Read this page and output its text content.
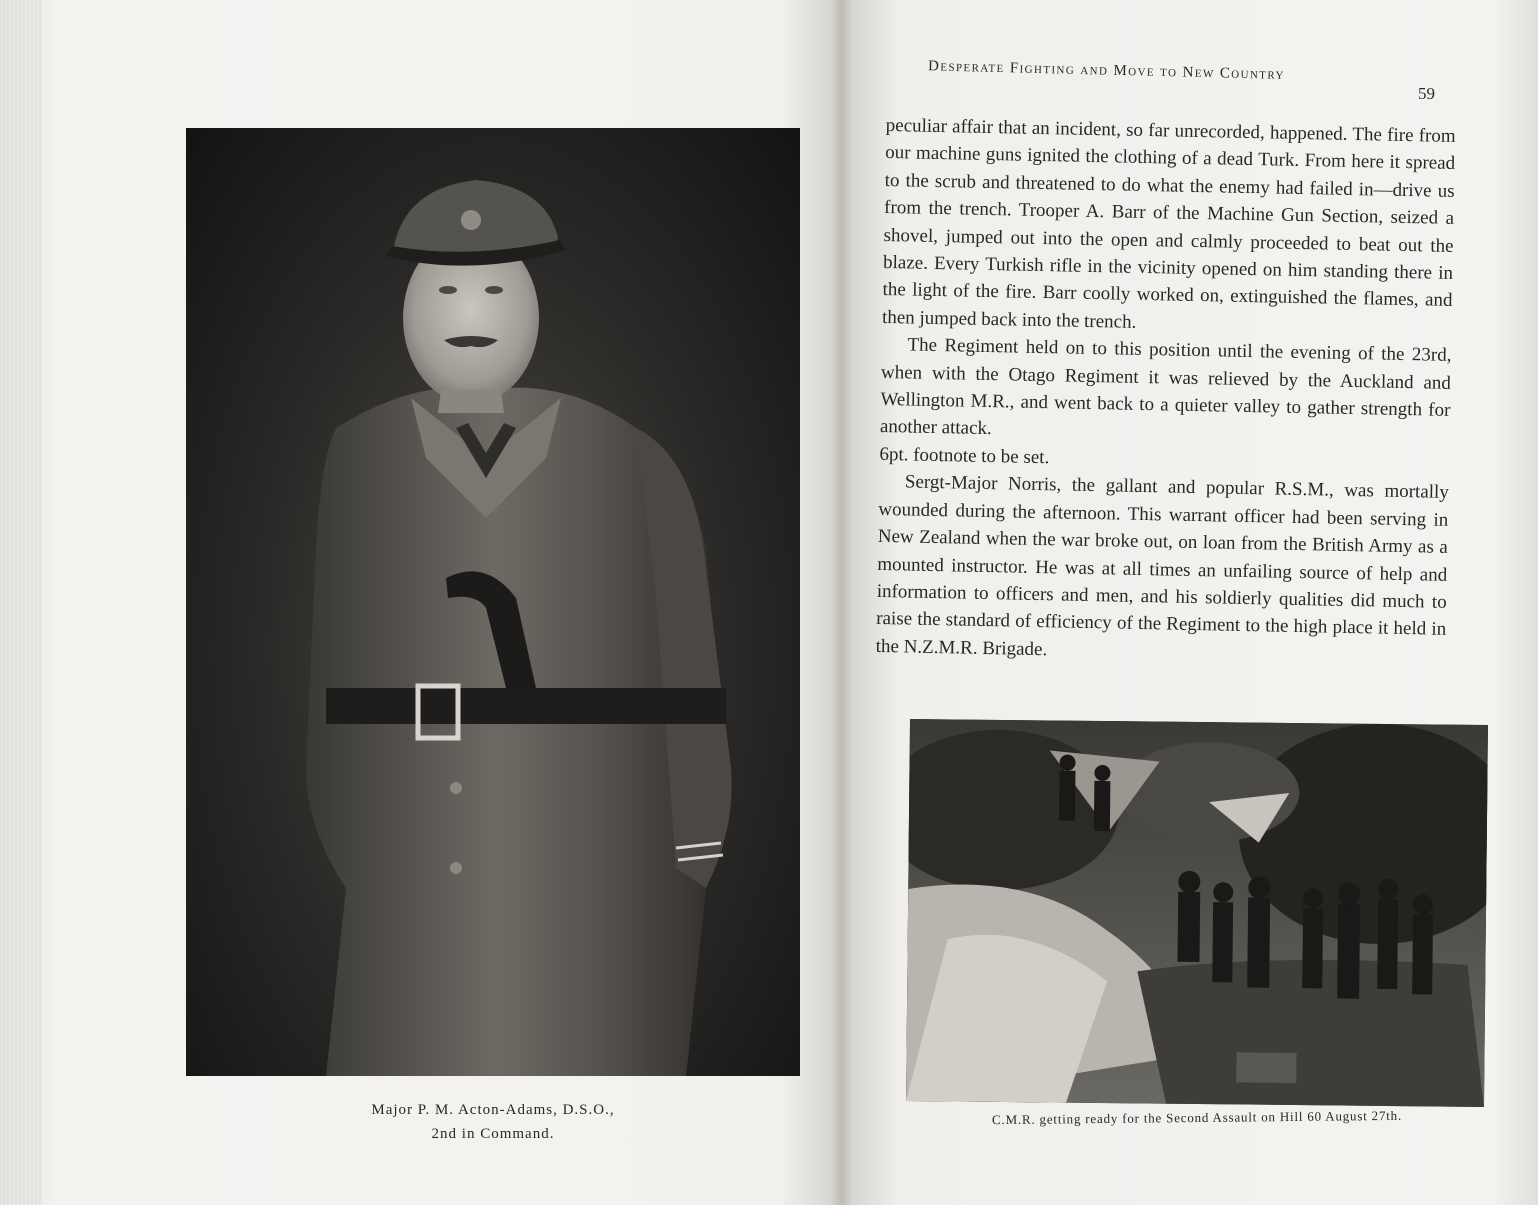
Major P. M. Acton-Adams, D.S.O.,
2nd in Command.
Desperate Fighting and Move to New Country
59

peculiar affair that an incident, so far unrecorded, happened. The fire from our machine guns ignited the clothing of a dead Turk. From here it spread to the scrub and threatened to do what the enemy had failed in—drive us from the trench. Trooper A. Barr of the Machine Gun Section, seized a shovel, jumped out into the open and calmly proceeded to beat out the blaze. Every Turkish rifle in the vicinity opened on him standing there in the light of the fire. Barr coolly worked on, extinguished the flames, and then jumped back into the trench.

The Regiment held on to this position until the evening of the 23rd, when with the Otago Regiment it was relieved by the Auckland and Wellington M.R., and went back to a quieter valley to gather strength for another attack.

6pt. footnote to be set.

Sergt-Major Norris, the gallant and popular R.S.M., was mortally wounded during the afternoon. This warrant officer had been serving in New Zealand when the war broke out, on loan from the British Army as a mounted instructor. He was at all times an unfailing source of help and information to officers and men, and his soldierly qualities did much to raise the standard of efficiency of the Regiment to the high place it held in the N.Z.M.R. Brigade.

C.M.R. getting ready for the Second Assault on Hill 60 August 27th.
